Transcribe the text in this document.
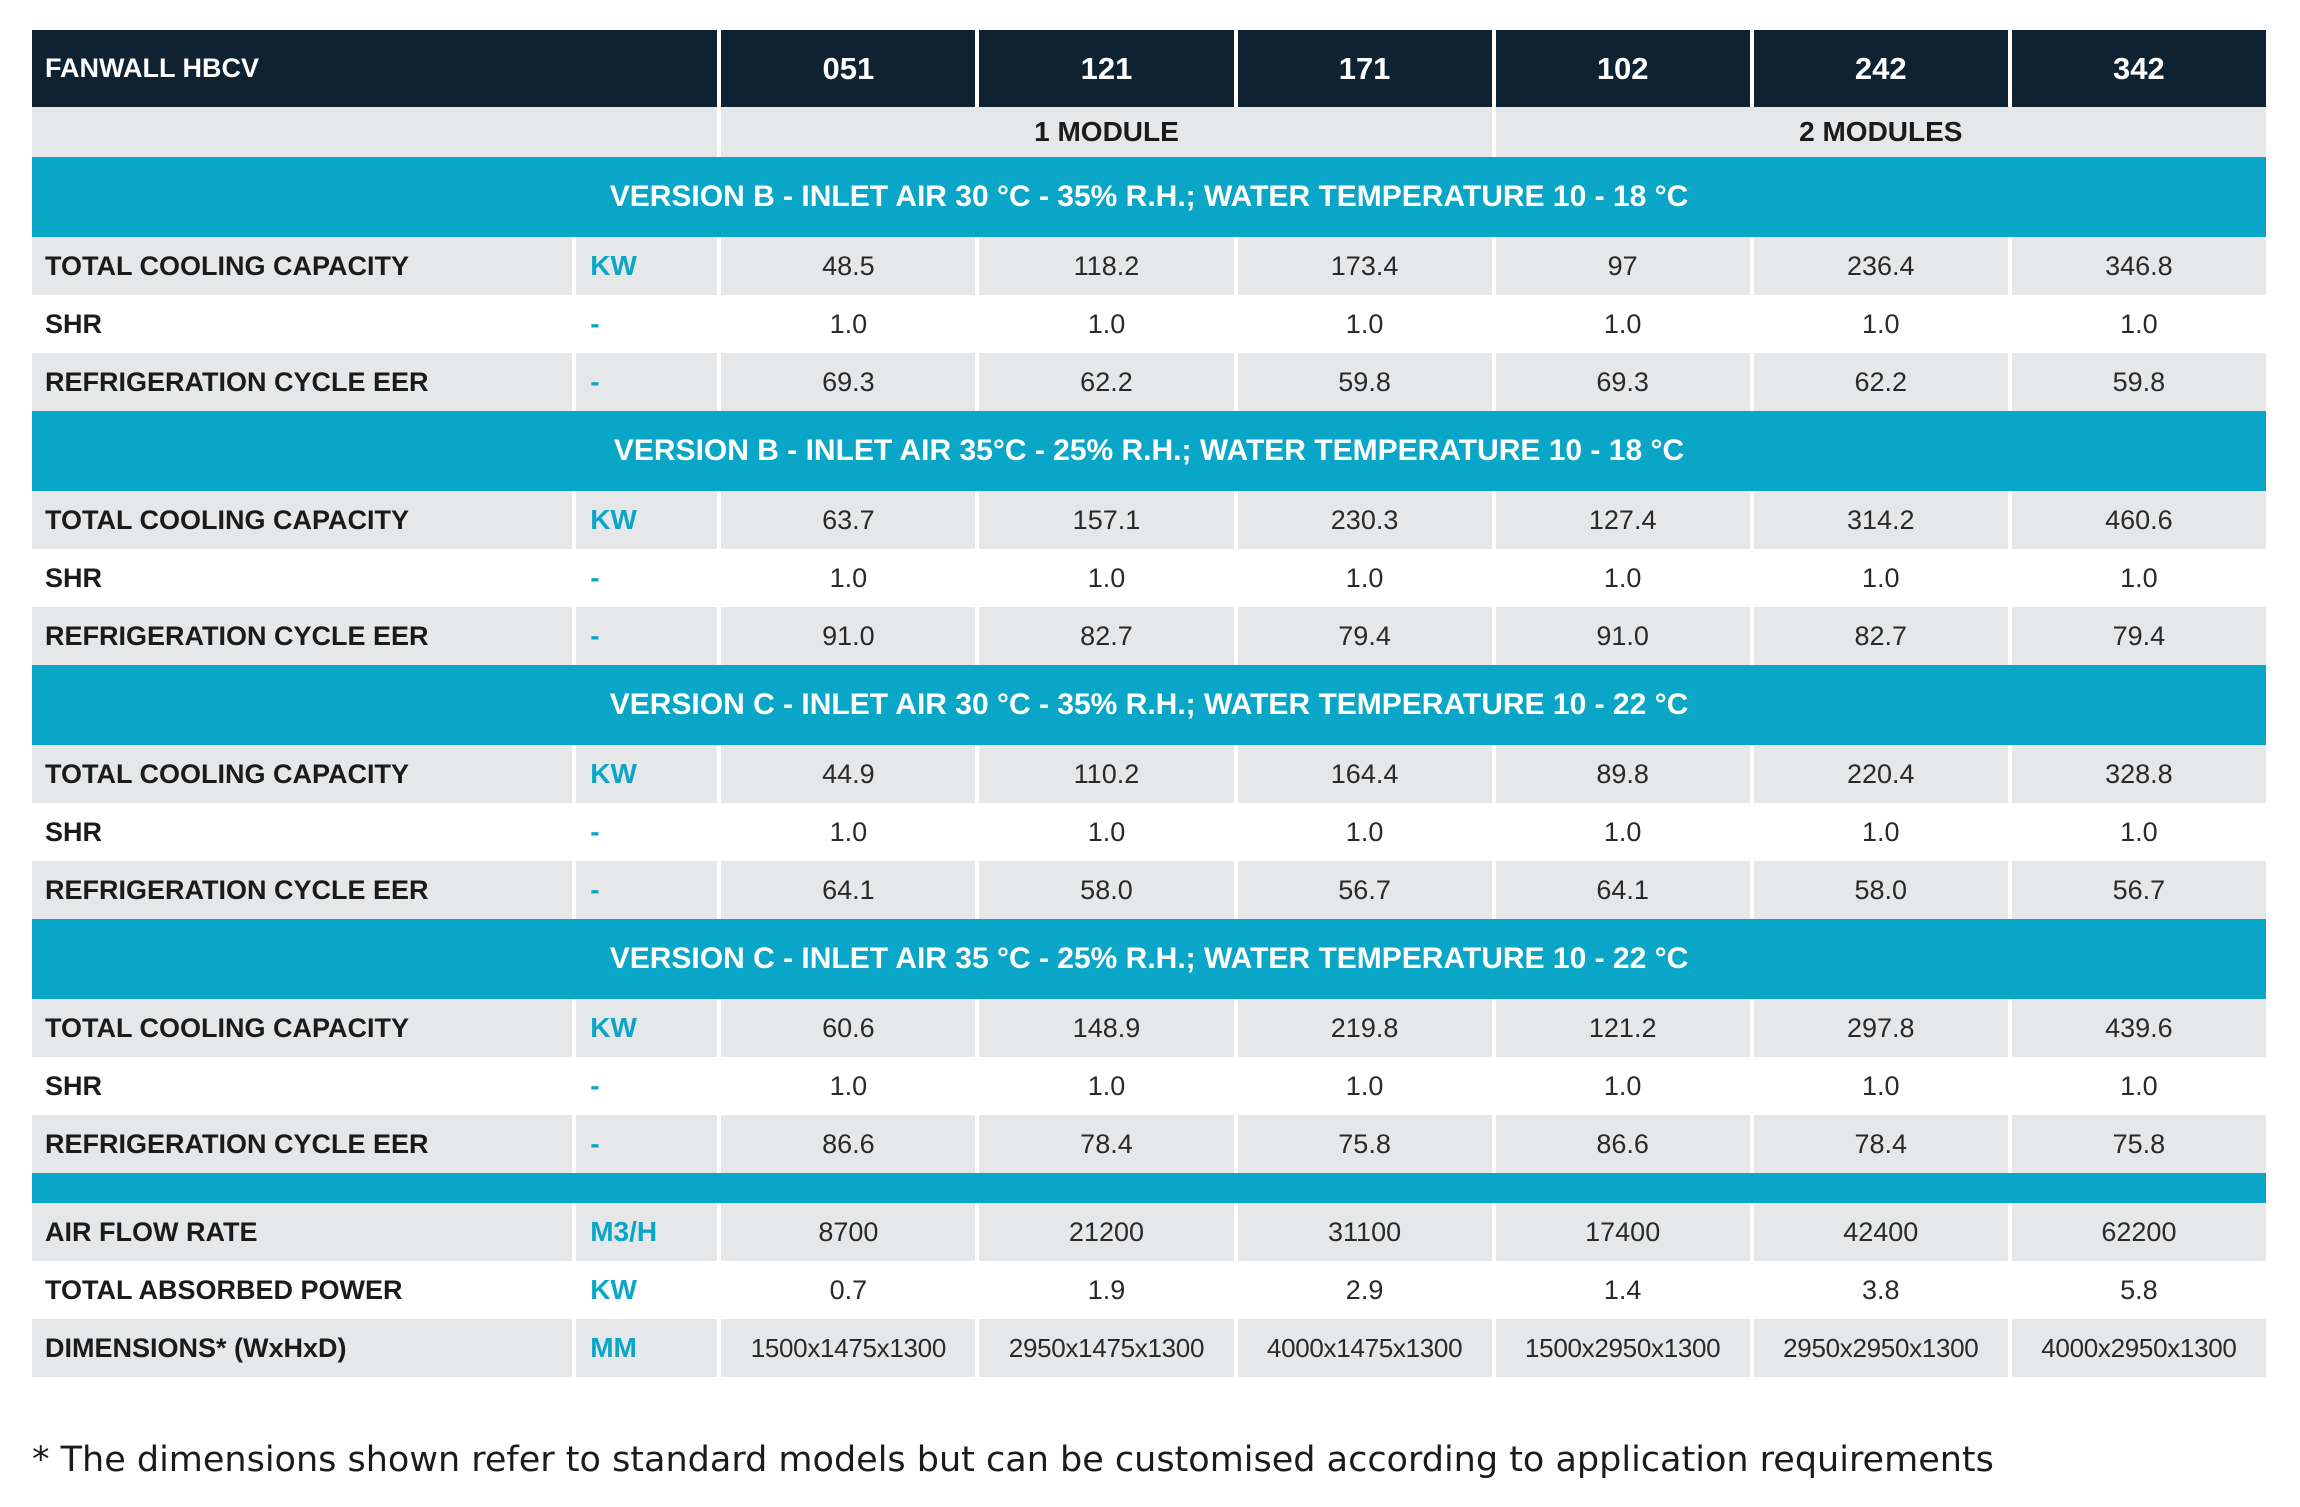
FANWALL HBCV		051	121	171	102	242	342
		1 MODULE			2 MODULES		
VERSION B - INLET AIR 30 °C - 35% R.H.; WATER TEMPERATURE 10 - 18 °C							
TOTAL COOLING CAPACITY	KW	48.5	118.2	173.4	97	236.4	346.8
SHR	-	1.0	1.0	1.0	1.0	1.0	1.0
REFRIGERATION CYCLE EER	-	69.3	62.2	59.8	69.3	62.2	59.8
VERSION B - INLET AIR 35°C - 25% R.H.; WATER TEMPERATURE 10 - 18 °C							
TOTAL COOLING CAPACITY	KW	63.7	157.1	230.3	127.4	314.2	460.6
SHR	-	1.0	1.0	1.0	1.0	1.0	1.0
REFRIGERATION CYCLE EER	-	91.0	82.7	79.4	91.0	82.7	79.4
VERSION C - INLET AIR 30 °C - 35% R.H.; WATER TEMPERATURE 10 - 22 °C							
TOTAL COOLING CAPACITY	KW	44.9	110.2	164.4	89.8	220.4	328.8
SHR	-	1.0	1.0	1.0	1.0	1.0	1.0
REFRIGERATION CYCLE EER	-	64.1	58.0	56.7	64.1	58.0	56.7
VERSION C - INLET AIR 35 °C - 25% R.H.; WATER TEMPERATURE 10 - 22 °C							
TOTAL COOLING CAPACITY	KW	60.6	148.9	219.8	121.2	297.8	439.6
SHR	-	1.0	1.0	1.0	1.0	1.0	1.0
REFRIGERATION CYCLE EER	-	86.6	78.4	75.8	86.6	78.4	75.8

AIR FLOW RATE	M3/H	8700	21200	31100	17400	42400	62200
TOTAL ABSORBED POWER	KW	0.7	1.9	2.9	1.4	3.8	5.8
DIMENSIONS* (WxHxD)	MM	1500x1475x1300	2950x1475x1300	4000x1475x1300	1500x2950x1300	2950x2950x1300	4000x2950x1300
* The dimensions shown refer to standard models but can be customised according to application requirements
